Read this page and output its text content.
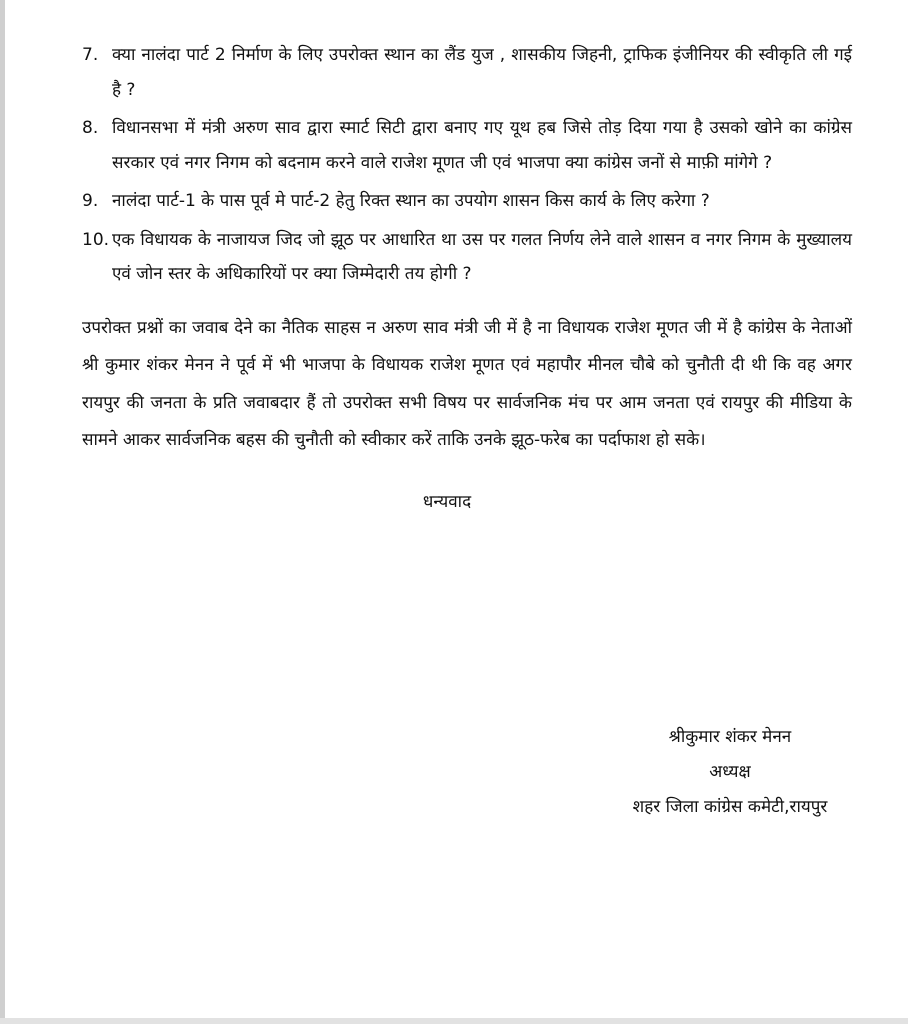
7. क्या नालंदा पार्ट 2 निर्माण के लिए उपरोक्त स्थान का लैंड युज , शासकीय जिहनी, ट्राफिक इंजीनियर की स्वीकृति ली गई है ?
8. विधानसभा में मंत्री अरुण साव द्वारा स्मार्ट सिटी द्वारा बनाए गए यूथ हब जिसे तोड़ दिया गया है उसको खोने का कांग्रेस सरकार एवं नगर निगम को बदनाम करने वाले राजेश मूणत जी एवं भाजपा क्या कांग्रेस जनों से माफ़ी मांगेगे ?
9. नालंदा पार्ट-1 के पास पूर्व मे पार्ट-2 हेतु रिक्त स्थान का उपयोग शासन किस कार्य के लिए करेगा ?
10. एक विधायक के नाजायज जिद जो झूठ पर आधारित था उस पर गलत निर्णय लेने वाले शासन व नगर निगम के मुख्यालय एवं जोन स्तर के अधिकारियों पर क्या जिम्मेदारी तय होगी ?
उपरोक्त प्रश्नों का जवाब देने का नैतिक साहस न अरुण साव मंत्री जी में है ना विधायक राजेश मूणत जी में है कांग्रेस के नेताओं श्री कुमार शंकर मेनन ने पूर्व में भी भाजपा के विधायक राजेश मूणत एवं महापौर मीनल चौबे को चुनौती दी थी कि वह अगर रायपुर की जनता के प्रति जवाबदार हैं तो उपरोक्त सभी विषय पर सार्वजनिक मंच पर आम जनता एवं रायपुर की मीडिया के सामने आकर सार्वजनिक बहस की चुनौती को स्वीकार करें ताकि उनके झूठ-फरेब का पर्दाफाश हो सके।
धन्यवाद
श्रीकुमार शंकर मेनन
अध्यक्ष
शहर जिला कांग्रेस कमेटी,रायपुर
